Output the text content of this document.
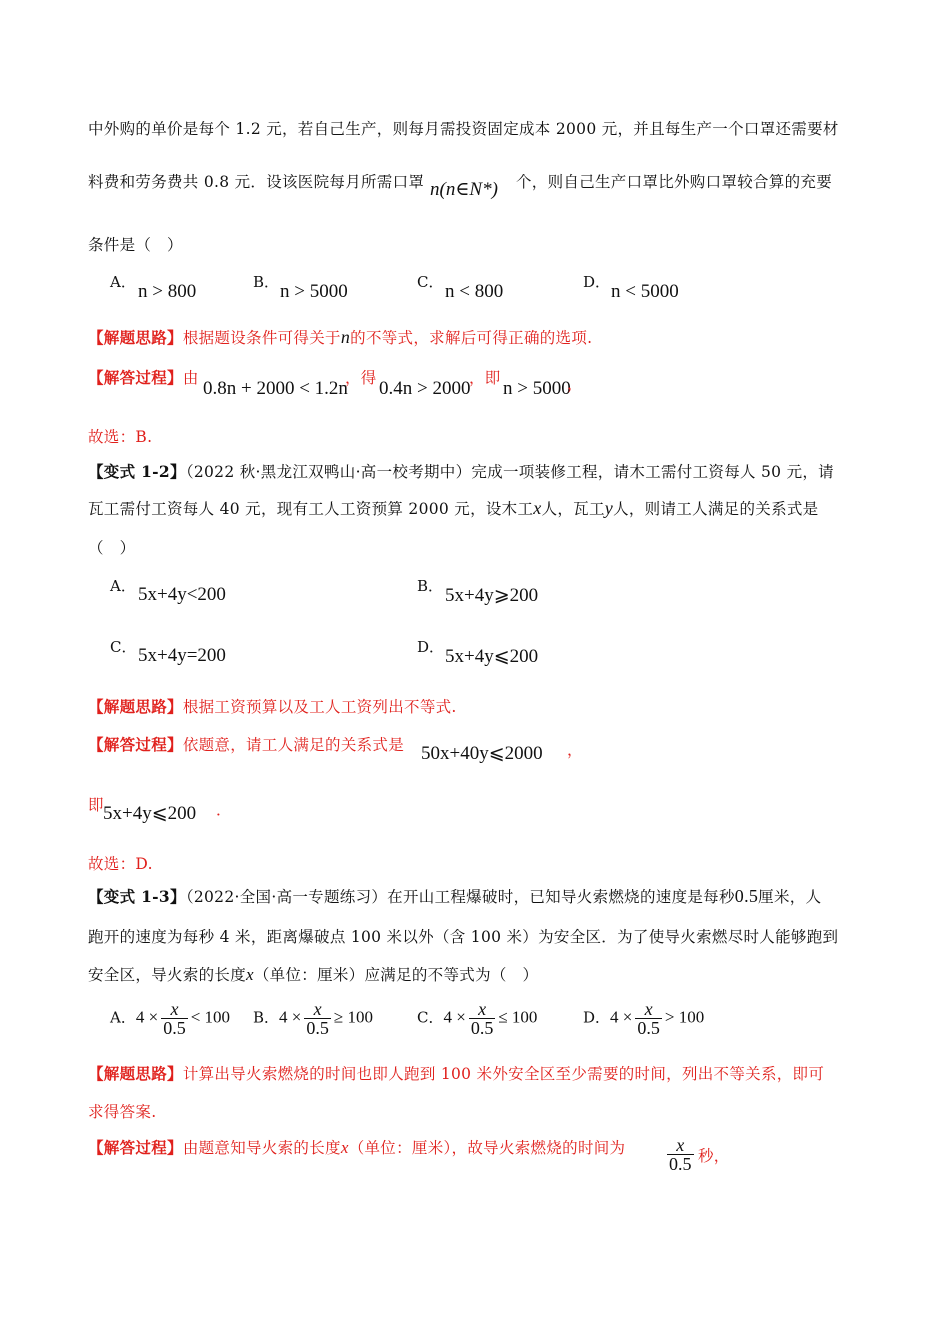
中外购的单价是每个 1.2 元，若自己生产，则每月需投资固定成本 2000 元，并且每生产一个口罩还需要材
料费和劳务费共 0.8 元．设该医院每月所需口罩 n(n∈N*) 个，则自己生产口罩比外购口罩较合算的充要
条件是（　）
A． n > 800	B． n > 5000	C． n < 800	D． n < 5000
【解题思路】根据题设条件可得关于n的不等式，求解后可得正确的选项.
【解答过程】由 0.8n + 2000 < 1.2n
，得 0.4n > 2000
，即 n > 5000
，
故选：B.
【变式 1-2】（2022 秋·黑龙江双鸭山·高一校考期中）完成一项装修工程，请木工需付工资每人 50 元，请
瓦工需付工资每人 40 元，现有工人工资预算 2000 元，设木工x人，瓦工y人，则请工人满足的关系式是
（　）
A． 5x+4y<200	B． 5x+4y⩾200
C． 5x+4y=200	D． 5x+4y⩽200
【解题思路】根据工资预算以及工人工资列出不等式.
【解答过程】依题意，请工人满足的关系式是 50x+40y⩽2000 ，
即 5x+4y⩽200 ．
故选：D.
【变式 1-3】（2022·全国·高一专题练习）在开山工程爆破时，已知导火索燃烧的速度是每秒0.5厘米，人
跑开的速度为每秒 4 米，距离爆破点 100 米以外（含 100 米）为安全区．为了使导火索燃尽时人能够跑到
安全区，导火索的长度x（单位：厘米）应满足的不等式为（　）
A．$4 \times \frac{x}{0.5} < 100$ B．$4 \times \frac{x}{0.5} \ge 100$	C．$4 \times \frac{x}{0.5} \le 100$	D．$4 \times \frac{x}{0.5} > 100$
【解题思路】计算出导火索燃烧的时间也即人跑到 100 米外安全区至少需要的时间，列出不等关系，即可
求得答案.
【解答过程】由题意知导火索的长度x（单位：厘米），故导火索燃烧的时间为 $\frac{x}{0.5}$ 秒，
